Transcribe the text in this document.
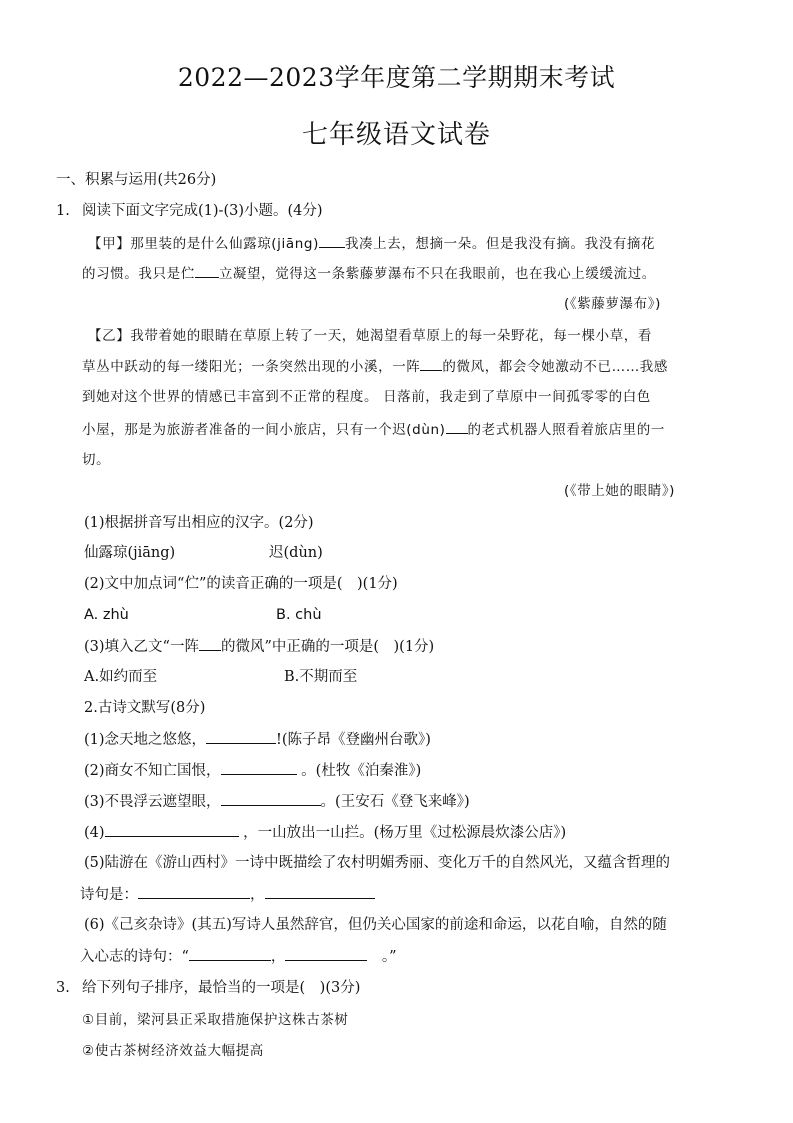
2022—2023学年度第二学期期末考试
七年级语文试卷
一、积累与运用(共26分)
1. 阅读下面文字完成(1)-(3)小题。(4分)
【甲】那里装的是什么仙露琼(jiāng) 我凑上去，想摘一朵。但是我没有摘。我没有摘花
的习惯。我只是伫 立凝望，觉得这一条紫藤萝瀑布不只在我眼前，也在我心上缓缓流过。
(《紫藤萝瀑布》)
【乙】我带着她的眼睛在草原上转了一天，她渴望看草原上的每一朵野花，每一棵小草，看
草丛中跃动的每一缕阳光；一条突然出现的小溪，一阵 的微风，都会令她激动不已……我感
到她对这个世界的情感已丰富到不正常的程度。 日落前，我走到了草原中一间孤零零的白色
小屋，那是为旅游者准备的一间小旅店，只有一个迟(dùn) 的老式机器人照看着旅店里的一
切。
(《带上她的眼睛》)
(1)根据拼音写出相应的汉字。(2分)
仙露琼(jiāng)	迟(dùn)
(2)文中加点词“伫”的读音正确的一项是(　)(1分)
A. zhù	B. chù
(3)填入乙文“一阵 的微风”中正确的一项是(　)(1分)
A.如约而至	B.不期而至
2.古诗文默写(8分)
(1)念天地之悠悠，	!(陈子昂《登幽州台歌》)
(2)商女不知亡国恨，	。(杜牧《泊秦淮》)
(3)不畏浮云遮望眼，	。(王安石《登飞来峰》)
(4)	，一山放出一山拦。(杨万里《过松源晨炊漆公店》)
(5)陆游在《游山西村》一诗中既描绘了农村明媚秀丽、变化万千的自然风光，又蕴含哲理的
诗句是：	，
(6)《己亥杂诗》(其五)写诗人虽然辞官，但仍关心国家的前途和命运，以花自喻，自然的随
入心志的诗句：“	，　	。”
3. 给下列句子排序，最恰当的一项是(　)(3分)
①目前，梁河县正采取措施保护这株古茶树
②使古茶树经济效益大幅提高
